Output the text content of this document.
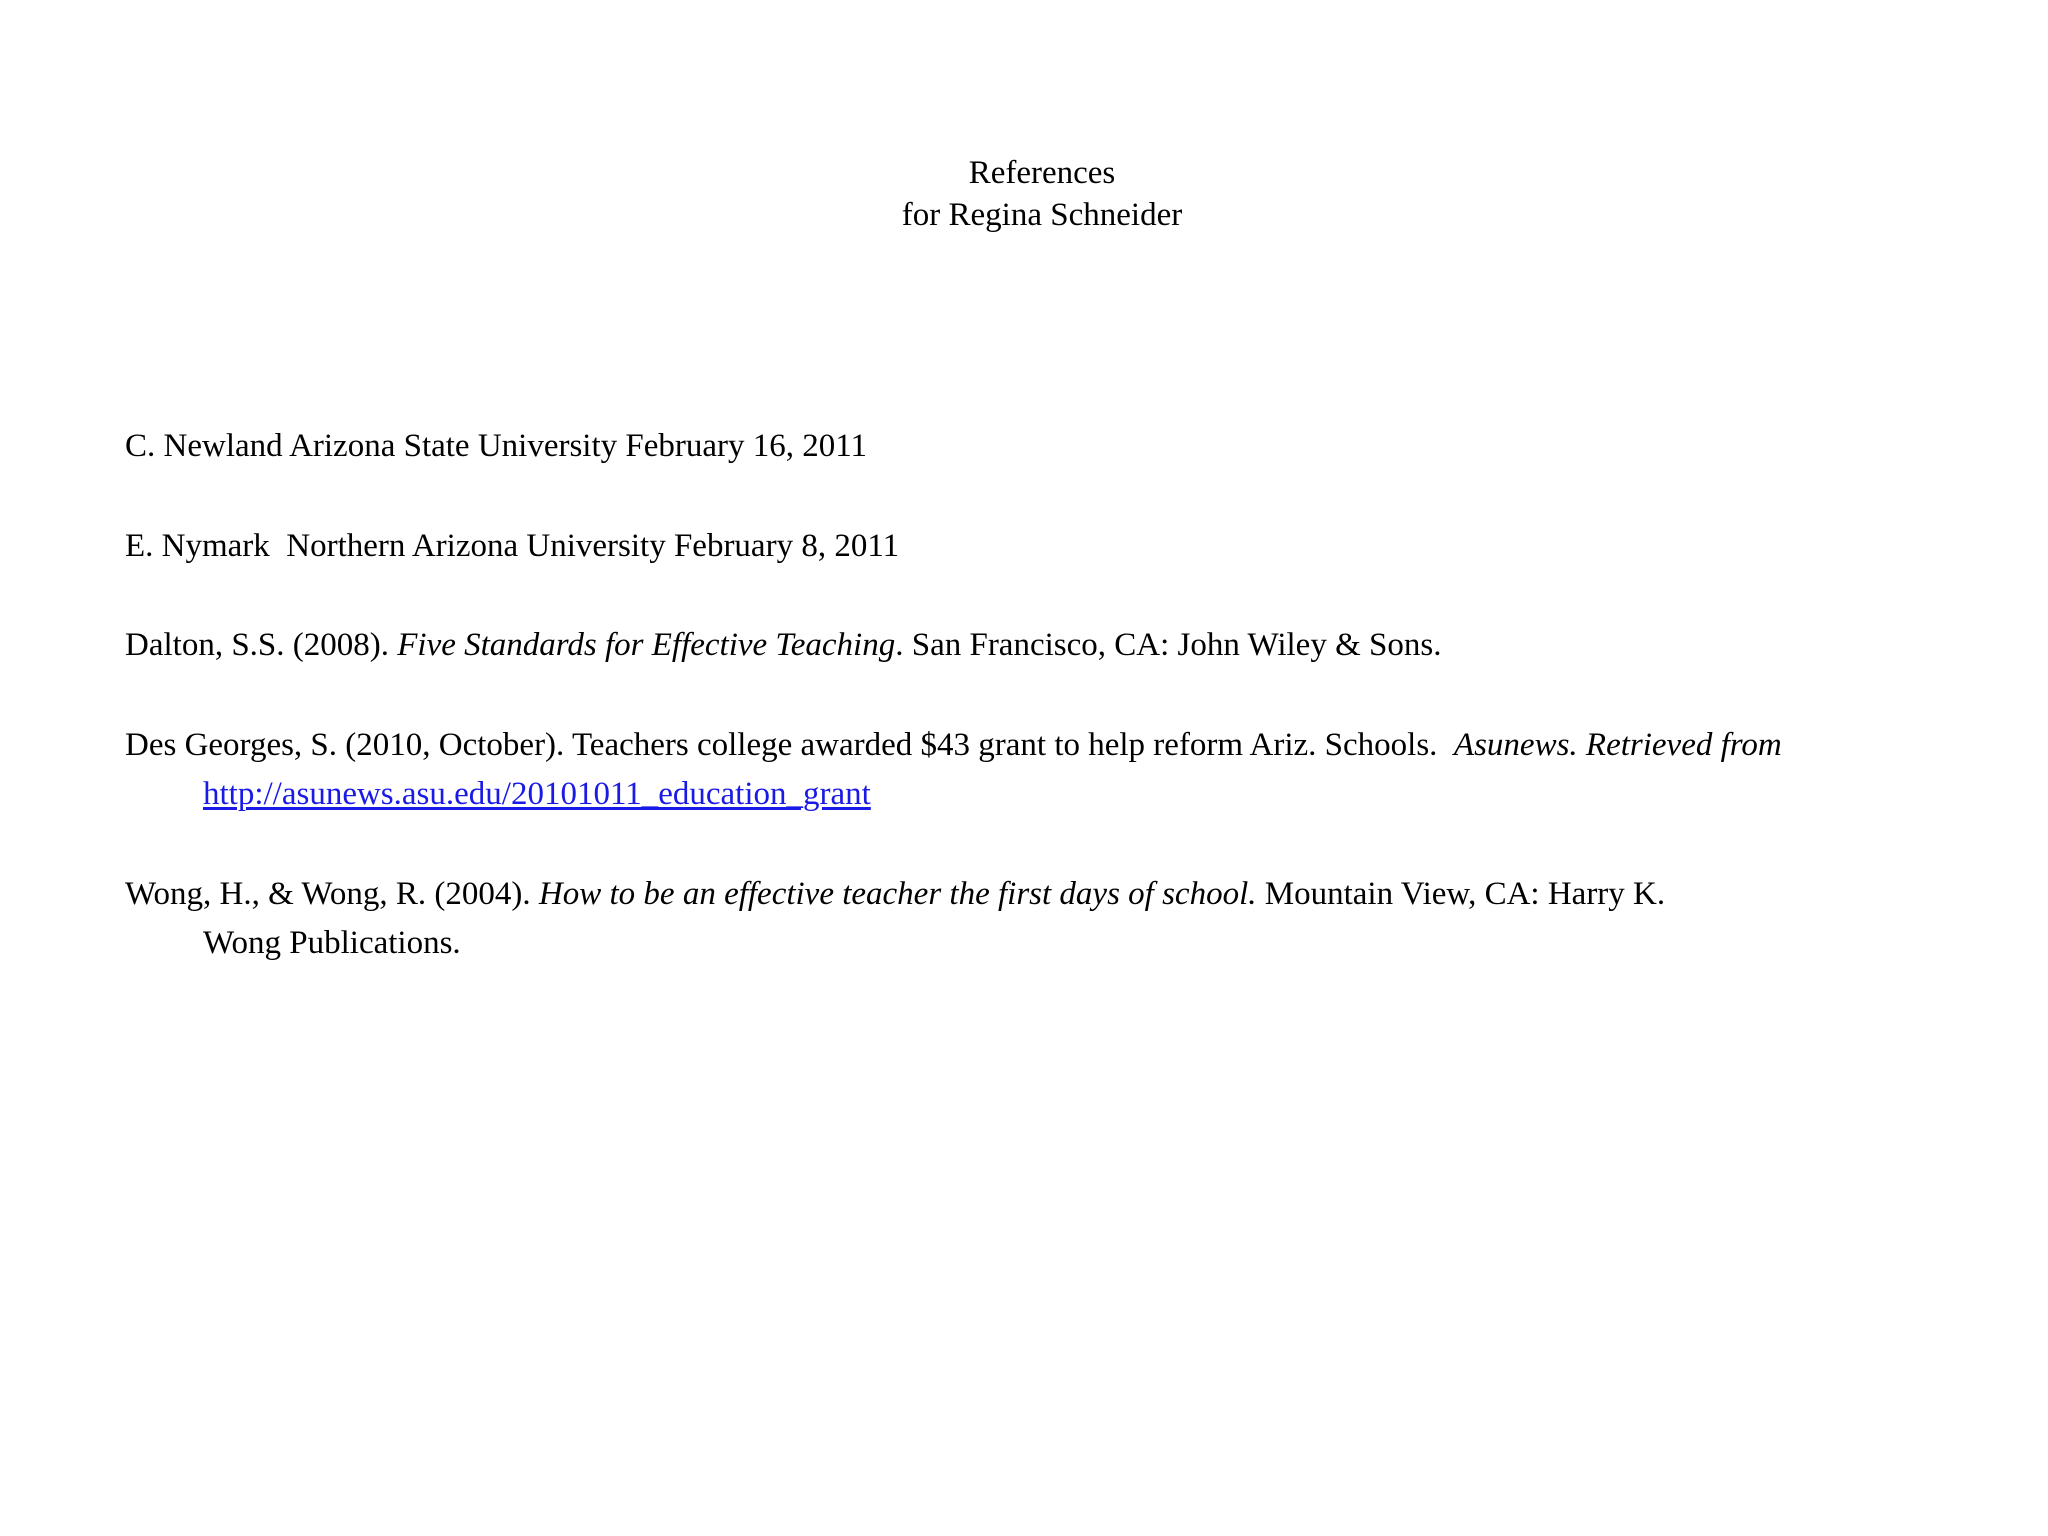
References
for Regina Schneider
C. Newland Arizona State University February 16, 2011
E. Nymark  Northern Arizona University February 8, 2011
Dalton, S.S. (2008). Five Standards for Effective Teaching. San Francisco, CA: John Wiley & Sons.
Des Georges, S. (2010, October). Teachers college awarded $43 grant to help reform Ariz. Schools.  Asunews. Retrieved from
http://asunews.asu.edu/20101011_education_grant
Wong, H., & Wong, R. (2004). How to be an effective teacher the first days of school. Mountain View, CA: Harry K.
Wong Publications.
